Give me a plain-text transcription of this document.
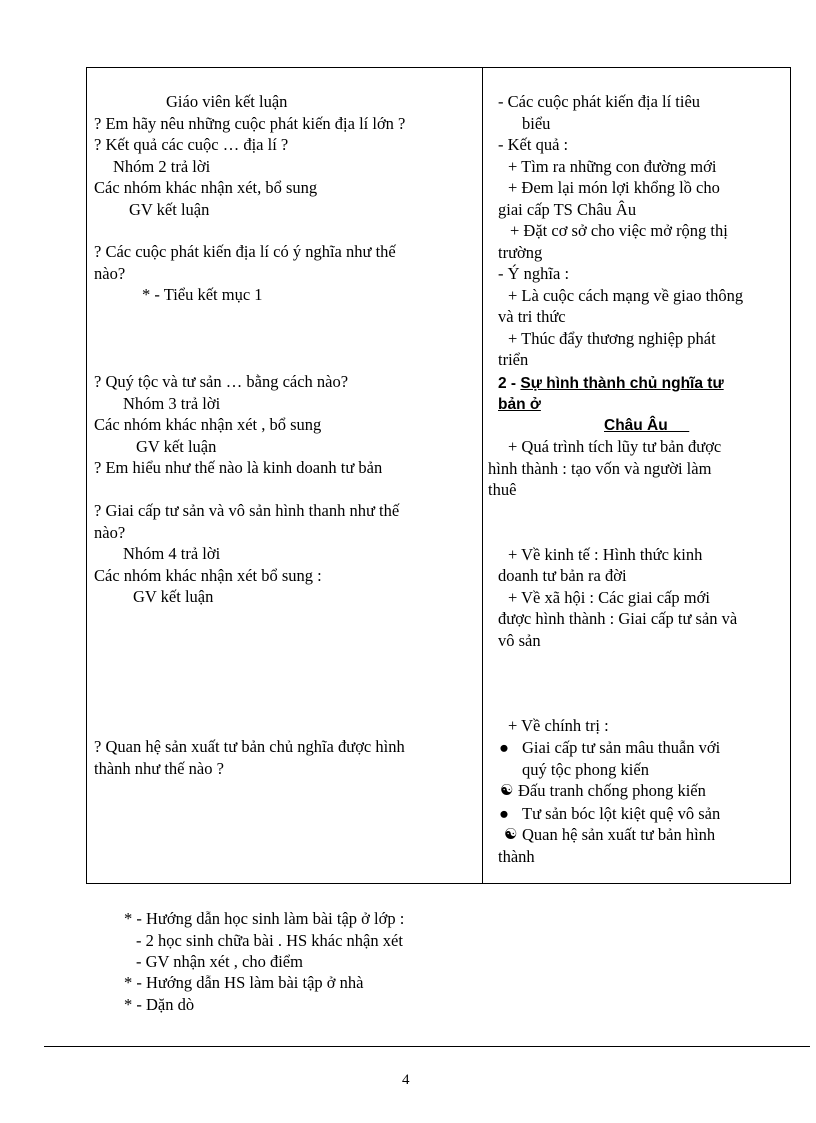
Giáo viên kết luận
? Em hãy nêu những cuộc phát kiến địa lí lớn ?
? Kết quả các cuộc … địa lí ?
Nhóm 2 trả lời
Các nhóm khác nhận xét, bổ sung
GV kết luận
? Các cuộc phát kiến địa lí có ý nghĩa như thế
nào?
* - Tiểu kết mục 1
? Quý tộc và tư sản … bằng cách nào?
Nhóm 3 trả lời
Các nhóm khác nhận xét , bổ sung
GV kết luận
? Em hiểu như thế nào là kinh doanh tư bản
? Giai cấp tư sản và vô sản hình thanh như thế
nào?
Nhóm 4 trả lời
Các nhóm khác nhận xét bổ sung :
GV kết luận
? Quan hệ sản xuất tư bản chủ nghĩa được hình
thành như thế nào ?
- Các cuộc phát kiến địa lí tiêu
biểu
- Kết quả :
+ Tìm ra những con đường mới
+ Đem lại món lợi khổng lồ cho
giai cấp TS Châu Âu
+ Đặt cơ sở cho việc mở rộng thị
trường
- Ý nghĩa :
+ Là cuộc cách mạng về giao thông
và tri thức
+ Thúc đẩy thương nghiệp phát
triển
2 - Sự hình thành chủ nghĩa tư
bản ở
Châu Âu
+ Quá trình tích lũy tư bản được
hình thành : tạo vốn và người làm
thuê
+ Về kinh tế : Hình thức kinh
doanh tư bản ra đời
+ Về xã hội : Các giai cấp mới
được hình thành : Giai cấp tư sản và
vô sản
+ Về chính trị :
● Giai cấp tư sản mâu thuẫn với
quý tộc phong kiến
☯ Đấu tranh chống phong kiến
● Tư sản bóc lột kiệt quệ vô sản
☯ Quan hệ sản xuất tư bản hình
thành
* - Hướng dẫn học sinh làm bài tập ở lớp :
- 2 học sinh chữa bài . HS khác nhận xét
- GV nhận xét , cho điểm
* - Hướng dẫn HS làm bài tập ở nhà
* - Dặn dò
4
